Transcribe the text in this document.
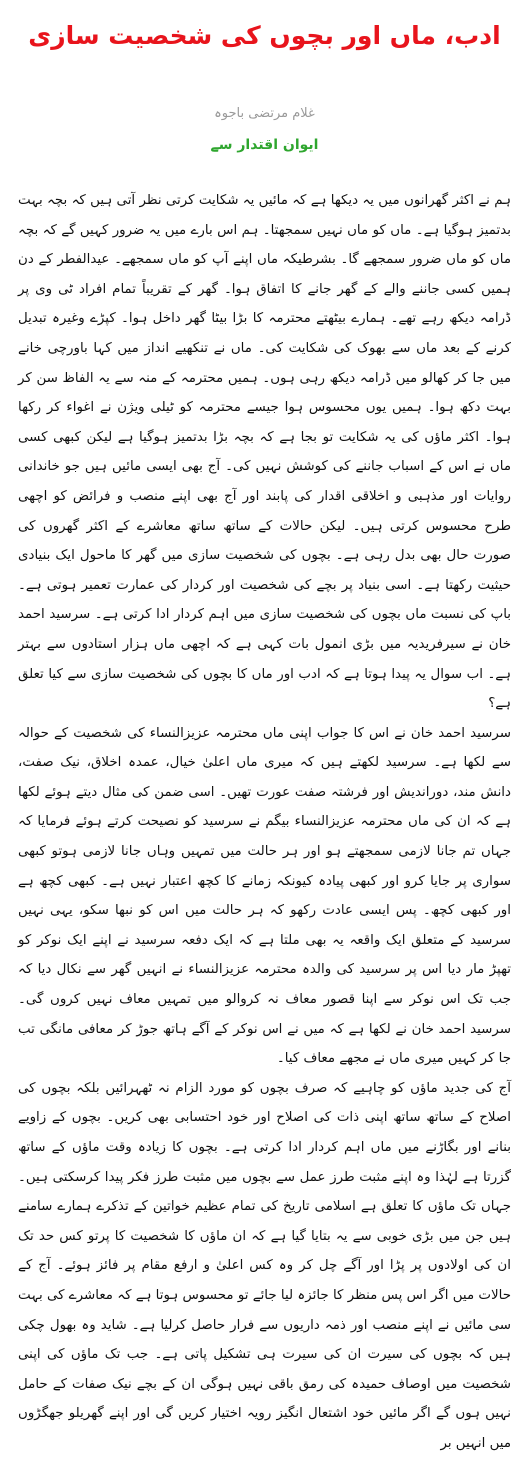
ادب، ماں اور بچوں کی شخصیت سازی
غلام مرتضی باجوہ
ایوان اقتدار سے

ہم نے اکثر گھرانوں میں یہ دیکھا ہے کہ مائیں یہ شکایت کرتی نظر آتی ہیں کہ بچہ بہت بدتمیز ہوگیا ہے۔ ماں کو ماں نہیں سمجھتا۔ ہم اس بارے میں یہ ضرور کہیں گے کہ بچہ ماں کو ماں ضرور سمجھے گا۔ بشرطیکہ ماں اپنے آپ کو ماں سمجھے۔ عیدالفطر کے دن ہمیں کسی جاننے والے کے گھر جانے کا اتفاق ہوا۔ گھر کے تقریباً تمام افراد ٹی وی پر ڈرامہ دیکھ رہے تھے۔ ہمارے بیٹھتے محترمہ کا بڑا بیٹا گھر داخل ہوا۔ کپڑے وغیرہ تبدیل کرنے کے بعد ماں سے بھوک کی شکایت کی۔ ماں نے تنکھیے انداز میں کہا باورچی خانے میں جا کر کھالو میں ڈرامہ دیکھ رہی ہوں۔ ہمیں محترمہ کے منہ سے یہ الفاظ سن کر بہت دکھ ہوا۔ ہمیں یوں محسوس ہوا جیسے محترمہ کو ٹیلی ویژن نے اغواء کر رکھا ہوا۔ اکثر ماؤں کی یہ شکایت تو بجا ہے کہ بچہ بڑا بدتمیز ہوگیا ہے لیکن کبھی کسی ماں نے اس کے اسباب جاننے کی کوشش نہیں کی۔ آج بھی ایسی مائیں ہیں جو خاندانی روایات اور مذہبی و اخلاقی اقدار کی پابند اور آج بھی اپنے منصب و فرائض کو اچھی طرح محسوس کرتی ہیں۔ لیکن حالات کے ساتھ ساتھ معاشرے کے اکثر گھروں کی صورت حال بھی بدل رہی ہے۔ بچوں کی شخصیت سازی میں گھر کا ماحول ایک بنیادی حیثیت رکھتا ہے۔ اسی بنیاد پر بچے کی شخصیت اور کردار کی عمارت تعمیر ہوتی ہے۔ باپ کی نسبت ماں بچوں کی شخصیت سازی میں اہم کردار ادا کرتی ہے۔ سرسید احمد خان نے سیرفریدیہ میں بڑی انمول بات کہی ہے کہ اچھی ماں ہزار استادوں سے بہتر ہے۔ اب سوال یہ پیدا ہوتا ہے کہ ادب اور ماں کا بچوں کی شخصیت سازی سے کیا تعلق ہے؟

سرسید احمد خان نے اس کا جواب اپنی ماں محترمہ عزیزالنساء کی شخصیت کے حوالہ سے لکھا ہے۔ سرسید لکھتے ہیں کہ میری ماں اعلیٰ خیال، عمدہ اخلاق، نیک صفت، دانش مند، دوراندیش اور فرشتہ صفت عورت تھیں۔ اسی ضمن کی مثال دیتے ہوئے لکھا ہے کہ ان کی ماں محترمہ عزیزالنساء بیگم نے سرسید کو نصیحت کرتے ہوئے فرمایا کہ جہاں تم جانا لازمی سمجھتے ہو اور ہر حالت میں تمہیں وہاں جانا لازمی ہوتو کبھی سواری پر جایا کرو اور کبھی پیادہ کیونکہ زمانے کا کچھ اعتبار نہیں ہے۔ کبھی کچھ ہے اور کبھی کچھ۔ پس ایسی عادت رکھو کہ ہر حالت میں اس کو نبھا سکو، یہی نہیں سرسید کے متعلق ایک واقعہ یہ بھی ملتا ہے کہ ایک دفعہ سرسید نے اپنے ایک نوکر کو تھپڑ مار دیا اس پر سرسید کی والدہ محترمہ عزیزالنساء نے انہیں گھر سے نکال دیا کہ جب تک اس نوکر سے اپنا قصور معاف نہ کروالو میں تمہیں معاف نہیں کروں گی۔ سرسید احمد خان نے لکھا ہے کہ میں نے اس نوکر کے آگے ہاتھ جوڑ کر معافی مانگی تب جا کر کہیں میری ماں نے مجھے معاف کیا۔

آج کی جدید ماؤں کو چاہیے کہ صرف بچوں کو مورد الزام نہ ٹھہرائیں بلکہ بچوں کی اصلاح کے ساتھ ساتھ اپنی ذات کی اصلاح اور خود احتسابی بھی کریں۔ بچوں کے زاویے بنانے اور بگاڑنے میں ماں اہم کردار ادا کرتی ہے۔ بچوں کا زیادہ وقت ماؤں کے ساتھ گزرتا ہے لہٰذا وہ اپنے مثبت طرز عمل سے بچوں میں مثبت طرز فکر پیدا کرسکتی ہیں۔ جہاں تک ماؤں کا تعلق ہے اسلامی تاریخ کی تمام عظیم خواتین کے تذکرے ہمارے سامنے ہیں جن میں بڑی خوبی سے یہ بتایا گیا ہے کہ ان ماؤں کا شخصیت کا پرتو کس حد تک ان کی اولادوں پر پڑا اور آگے چل کر وہ کس اعلیٰ و ارفع مقام پر فائز ہوئے۔ آج کے حالات میں اگر اس پس منظر کا جائزہ لیا جائے تو محسوس ہوتا ہے کہ معاشرے کی بہت سی مائیں نے اپنے منصب اور ذمہ داریوں سے فرار حاصل کرلیا ہے۔ شاید وہ بھول چکی ہیں کہ بچوں کی سیرت ان کی سیرت ہی تشکیل پاتی ہے۔ جب تک ماؤں کی اپنی شخصیت میں اوصاف حمیدہ کی رمق باقی نہیں ہوگی ان کے بچے نیک صفات کے حامل نہیں ہوں گے اگر مائیں خود اشتعال انگیز رویہ اختیار کریں گی اور اپنے گھریلو جھگڑوں میں انہیں بر
